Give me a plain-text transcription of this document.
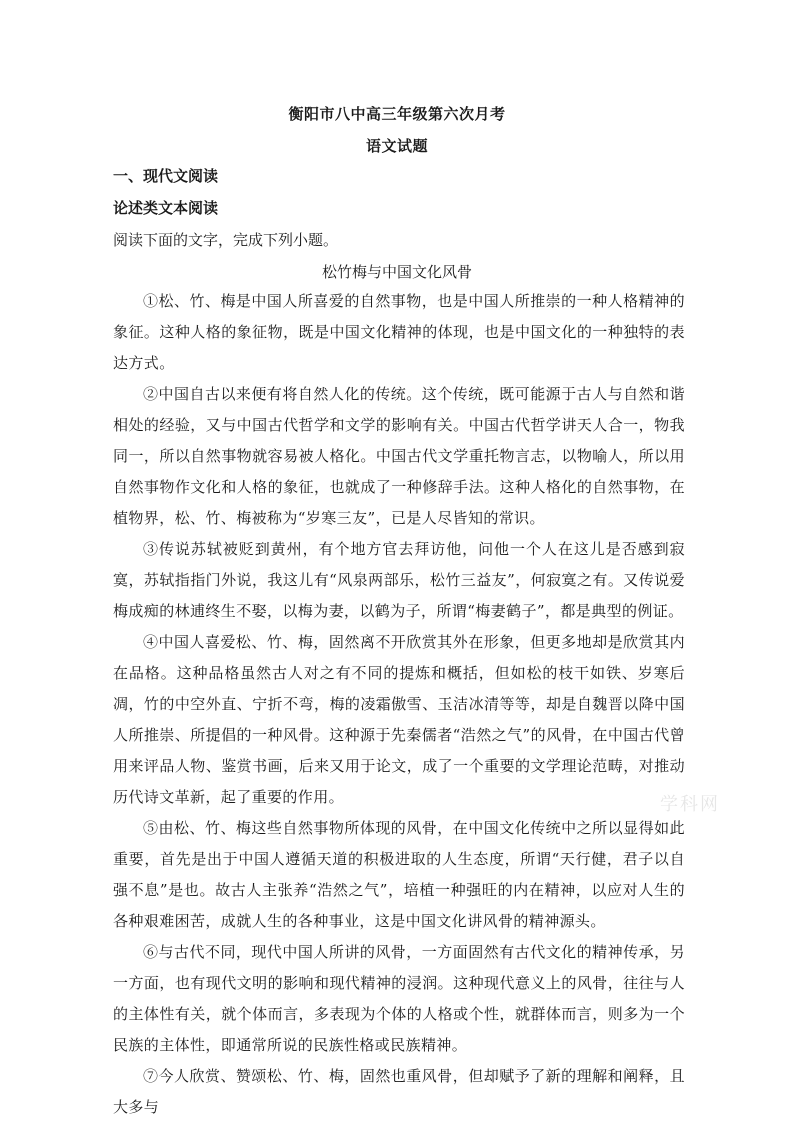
衡阳市八中高三年级第六次月考
语文试题
一、现代文阅读
论述类文本阅读
阅读下面的文字，完成下列小题。
松竹梅与中国文化风骨

①松、竹、梅是中国人所喜爱的自然事物，也是中国人所推崇的一种人格精神的象征。这种人格的象征物，既是中国文化精神的体现，也是中国文化的一种独特的表达方式。

②中国自古以来便有将自然人化的传统。这个传统，既可能源于古人与自然和谐相处的经验，又与中国古代哲学和文学的影响有关。中国古代哲学讲天人合一，物我同一，所以自然事物就容易被人格化。中国古代文学重托物言志，以物喻人，所以用自然事物作文化和人格的象征，也就成了一种修辞手法。这种人格化的自然事物，在植物界，松、竹、梅被称为“岁寒三友”，已是人尽皆知的常识。

③传说苏轼被贬到黄州，有个地方官去拜访他，问他一个人在这儿是否感到寂寞，苏轼指指门外说，我这儿有“风泉两部乐，松竹三益友”，何寂寞之有。又传说爱梅成痴的林逋终生不娶，以梅为妻，以鹤为子，所谓“梅妻鹤子”，都是典型的例证。

④中国人喜爱松、竹、梅，固然离不开欣赏其外在形象，但更多地却是欣赏其内在品格。这种品格虽然古人对之有不同的提炼和概括，但如松的枝干如铁、岁寒后凋，竹的中空外直、宁折不弯，梅的凌霜傲雪、玉洁冰清等等，却是自魏晋以降中国人所推崇、所提倡的一种风骨。这种源于先秦儒者“浩然之气”的风骨，在中国古代曾用来评品人物、鉴赏书画，后来又用于论文，成了一个重要的文学理论范畴，对推动历代诗文革新，起了重要的作用。

⑤由松、竹、梅这些自然事物所体现的风骨，在中国文化传统中之所以显得如此重要，首先是出于中国人遵循天道的积极进取的人生态度，所谓“天行健，君子以自强不息”是也。故古人主张养“浩然之气”，培植一种强旺的内在精神，以应对人生的各种艰难困苦，成就人生的各种事业，这是中国文化讲风骨的精神源头。

⑥与古代不同，现代中国人所讲的风骨，一方面固然有古代文化的精神传承，另一方面，也有现代文明的影响和现代精神的浸润。这种现代意义上的风骨，往往与人的主体性有关，就个体而言，多表现为个体的人格或个性，就群体而言，则多为一个民族的主体性，即通常所说的民族性格或民族精神。

⑦今人欣赏、赞颂松、竹、梅，固然也重风骨，但却赋予了新的理解和阐释，且大多与

学科网
